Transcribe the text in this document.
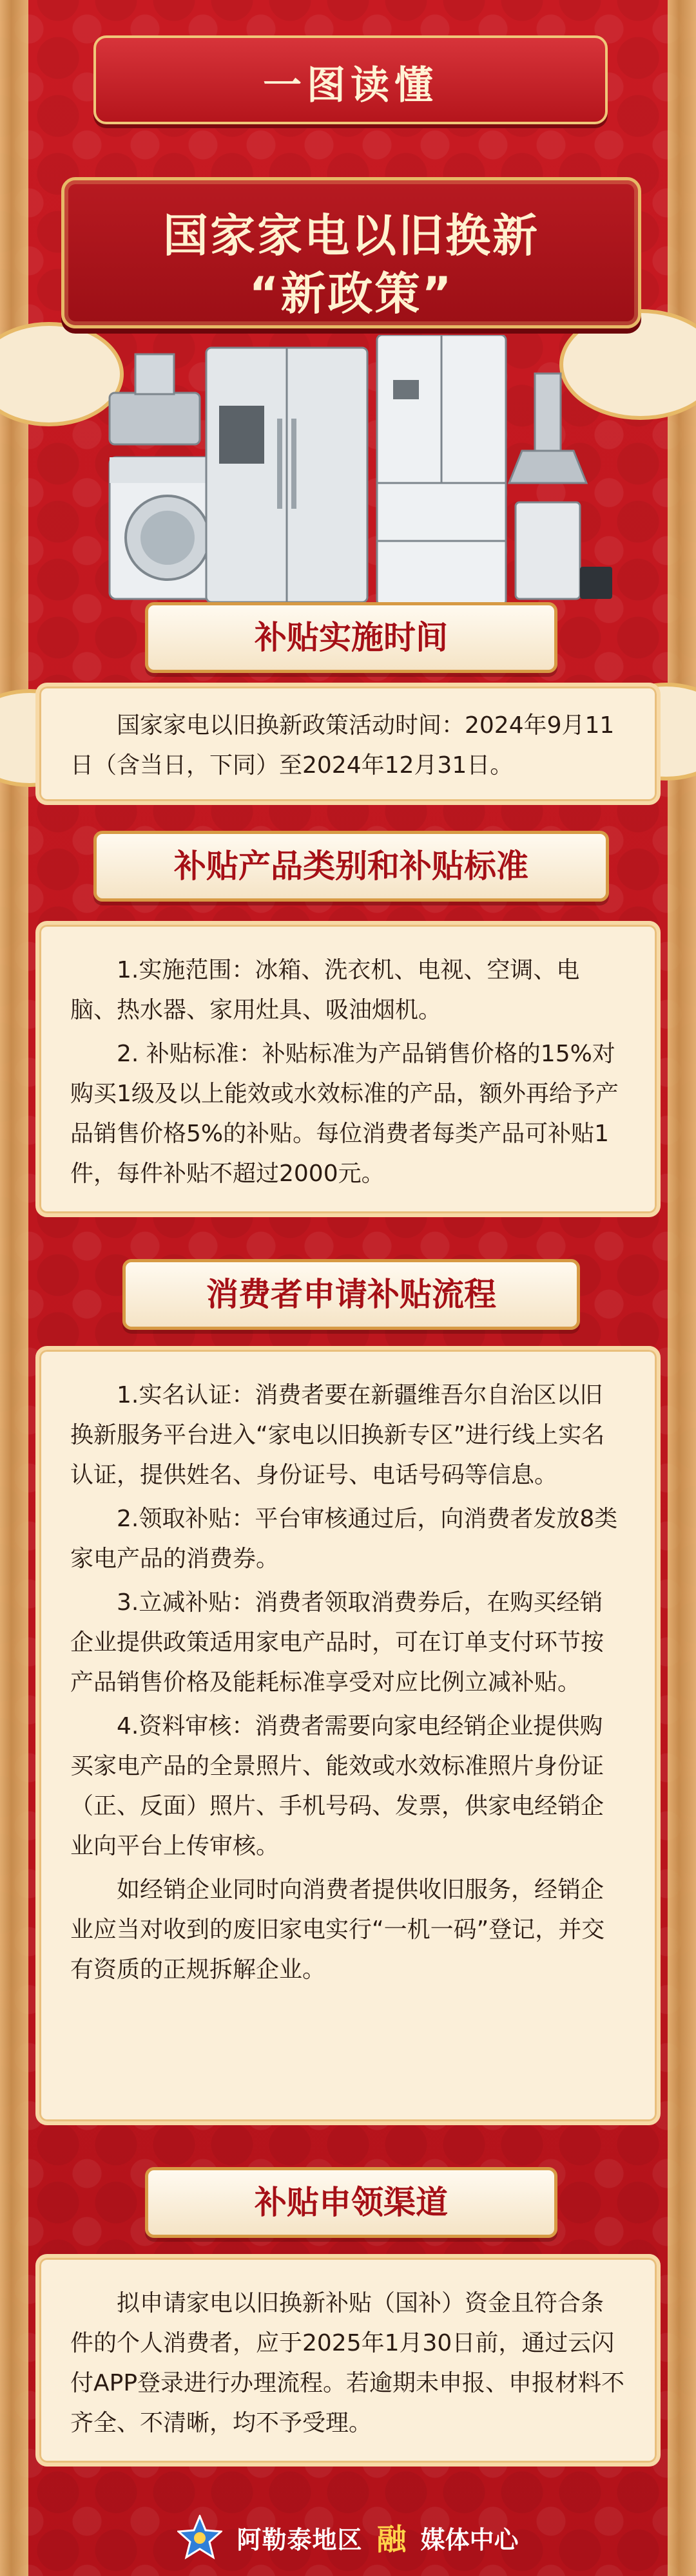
一图读懂
国家家电以旧换新
“新政策”
补贴实施时间

国家家电以旧换新政策活动时间：2024年9月11日（含当日，下同）至2024年12月31日。

补贴产品类别和补贴标准

1.实施范围：冰箱、洗衣机、电视、空调、电脑、热水器、家用灶具、吸油烟机。

2. 补贴标准：补贴标准为产品销售价格的15%对购买1级及以上能效或水效标准的产品，额外再给予产品销售价格5%的补贴。每位消费者每类产品可补贴1件，每件补贴不超过2000元。

消费者申请补贴流程

1.实名认证：消费者要在新疆维吾尔自治区以旧换新服务平台进入“家电以旧换新专区”进行线上实名认证，提供姓名、身份证号、电话号码等信息。

2.领取补贴：平台审核通过后，向消费者发放8类家电产品的消费券。

3.立减补贴：消费者领取消费券后，在购买经销企业提供政策适用家电产品时，可在订单支付环节按产品销售价格及能耗标准享受对应比例立减补贴。

4.资料审核：消费者需要向家电经销企业提供购买家电产品的全景照片、能效或水效标准照片身份证（正、反面）照片、手机号码、发票，供家电经销企业向平台上传审核。

如经销企业同时向消费者提供收旧服务，经销企业应当对收到的废旧家电实行“一机一码”登记，并交有资质的正规拆解企业。

补贴申领渠道

拟申请家电以旧换新补贴（国补）资金且符合条件的个人消费者，应于2025年1月30日前，通过云闪付APP登录进行办理流程。若逾期未申报、申报材料不齐全、不清晰，均不予受理。

阿勒泰地区 融 媒体中心
